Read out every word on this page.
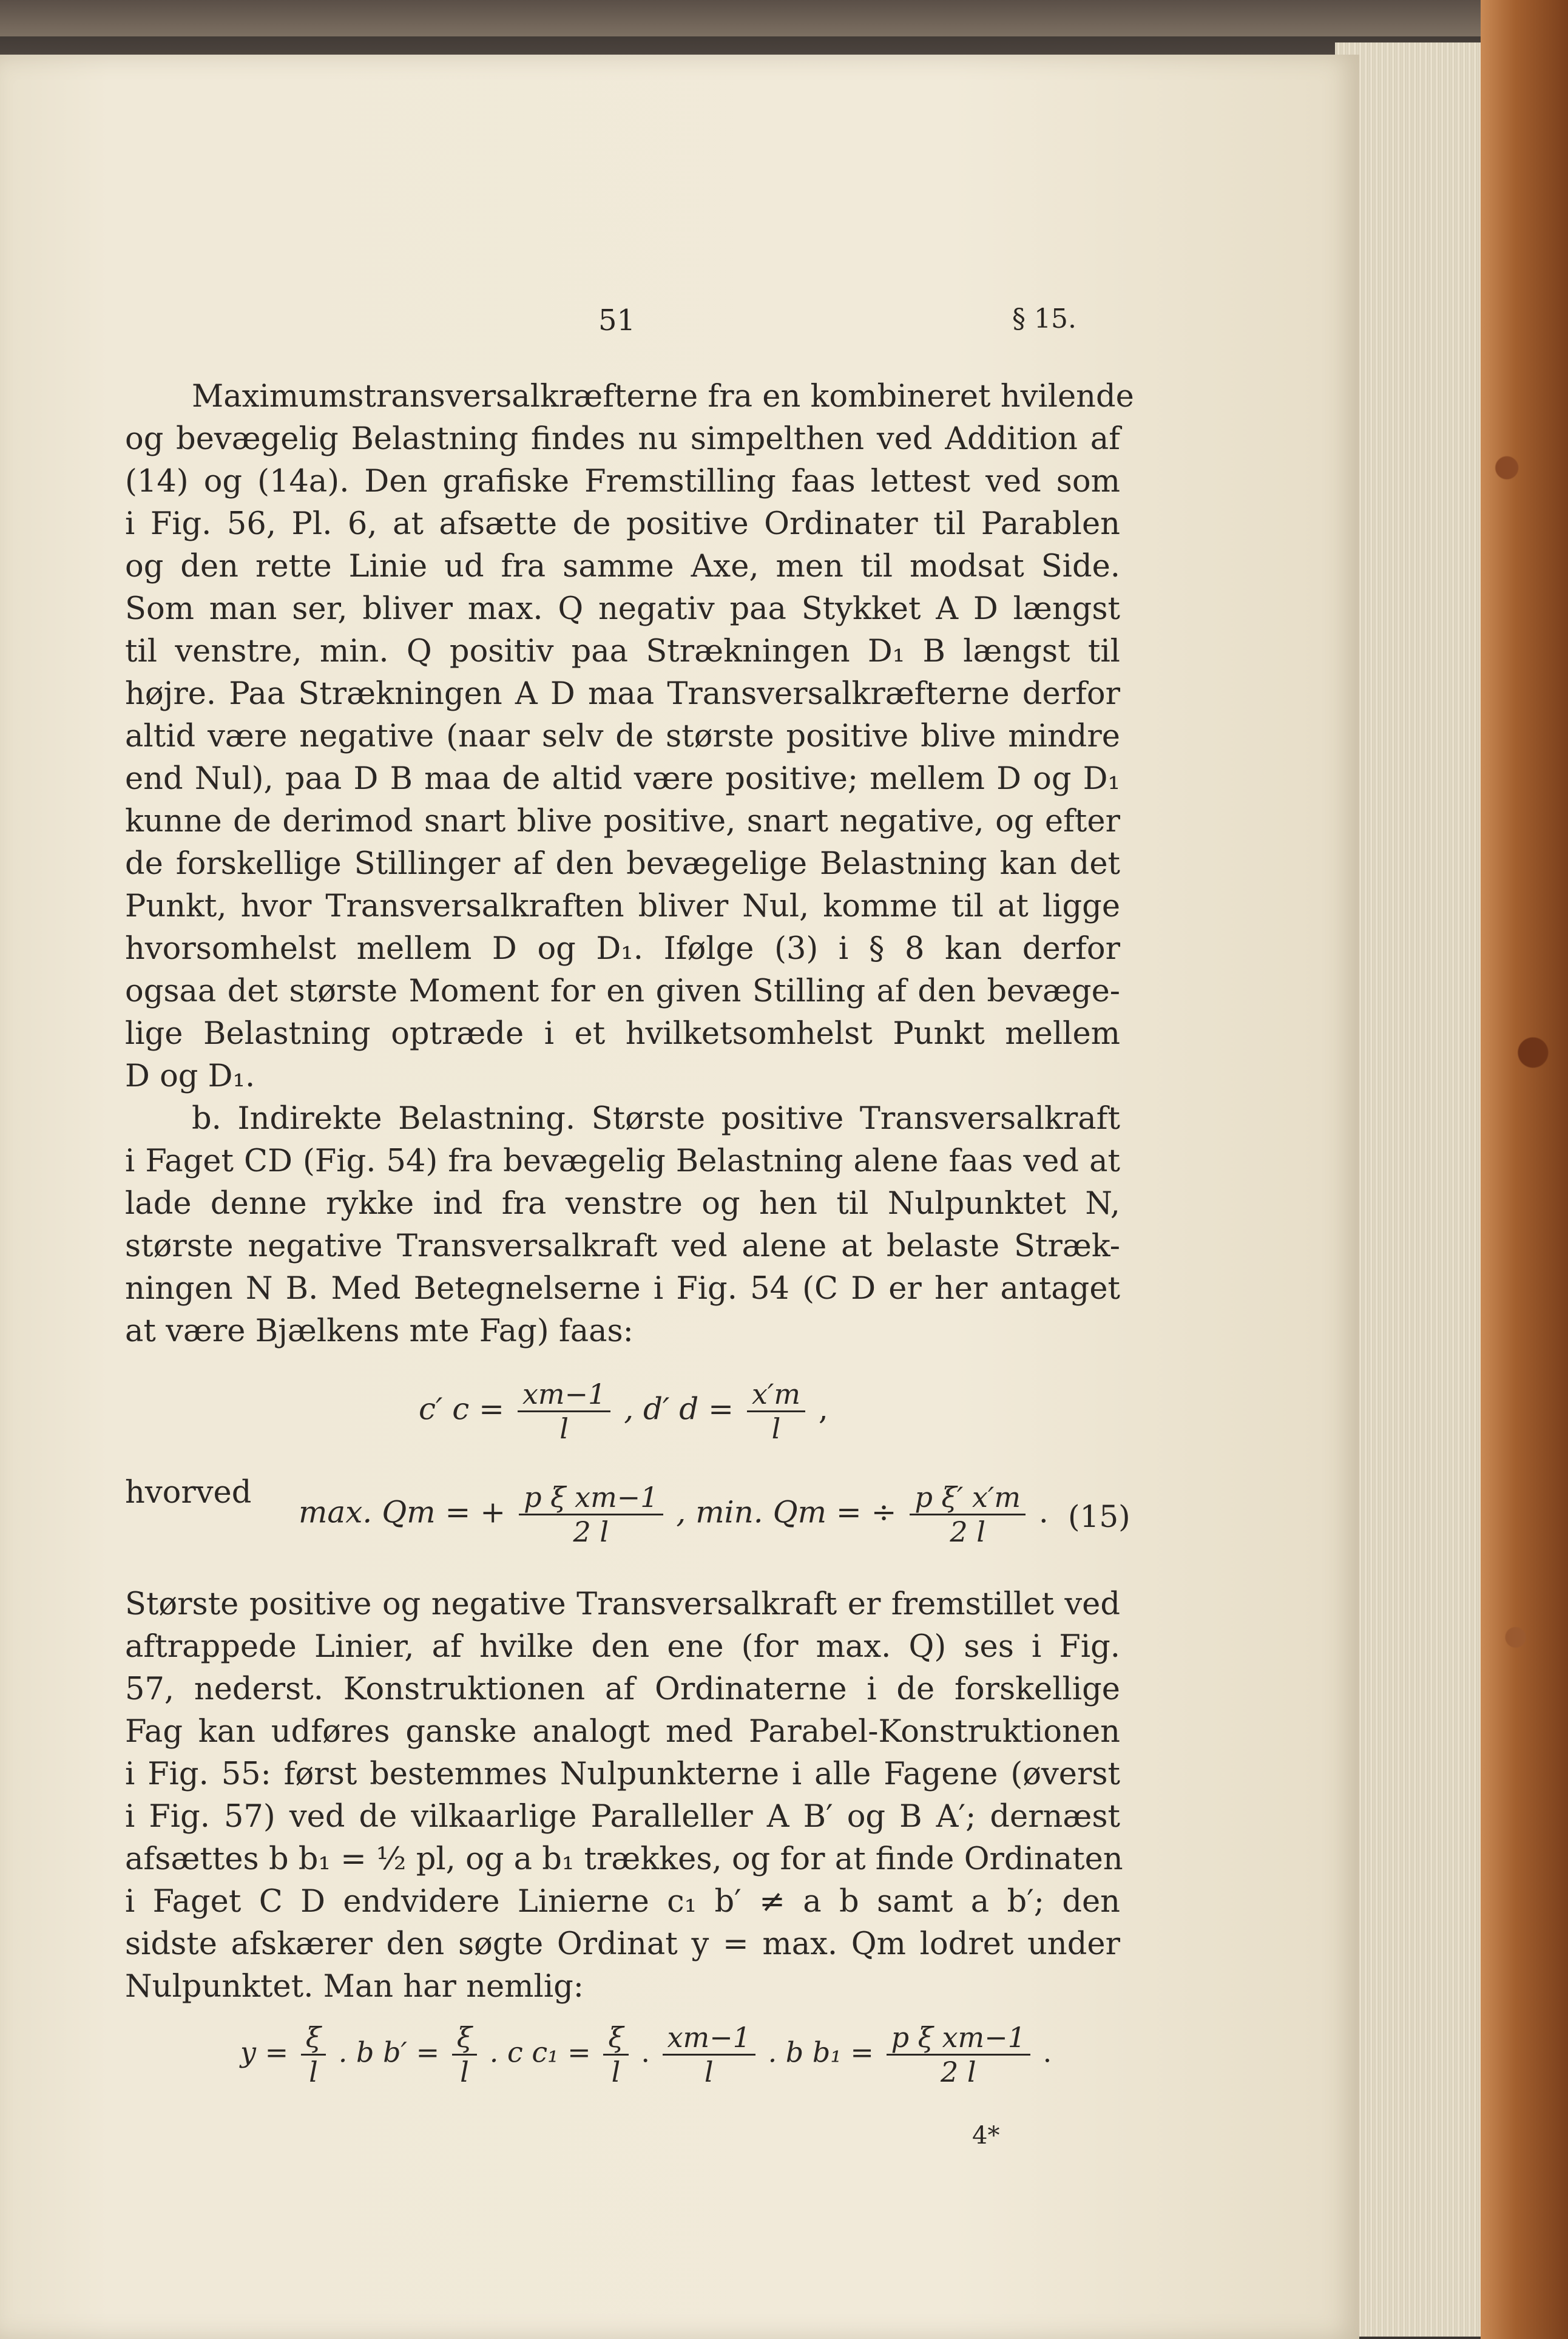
51	§ 15.
Maximumstransversalkræfterne fra en kombineret hvilende
og bevægelig Belastning findes nu simpelthen ved Addition af
(14) og (14a). Den grafiske Fremstilling faas lettest ved som
i Fig. 56, Pl. 6, at afsætte de positive Ordinater til Parablen
og den rette Linie ud fra samme Axe, men til modsat Side.
Som man ser, bliver max. Q negativ paa Stykket A D længst
til venstre, min. Q positiv paa Strækningen D₁ B længst til
højre. Paa Strækningen A D maa Transversalkræfterne derfor
altid være negative (naar selv de største positive blive mindre
end Nul), paa D B maa de altid være positive; mellem D og D₁
kunne de derimod snart blive positive, snart negative, og efter
de forskellige Stillinger af den bevægelige Belastning kan det
Punkt, hvor Transversalkraften bliver Nul, komme til at ligge
hvorsomhelst mellem D og D₁. Ifølge (3) i § 8 kan derfor
ogsaa det største Moment for en given Stilling af den bevæge-
lige Belastning optræde i et hvilketsomhelst Punkt mellem
D og D₁.
b. Indirekte Belastning. Største positive Transversalkraft
i Faget CD (Fig. 54) fra bevægelig Belastning alene faas ved at
lade denne rykke ind fra venstre og hen til Nulpunktet N,
største negative Transversalkraft ved alene at belaste Stræk-
ningen N B. Med Betegnelserne i Fig. 54 (C D er her antaget
at være Bjælkens mte Fag) faas:
Største positive og negative Transversalkraft er fremstillet ved
aftrappede Linier, af hvilke den ene (for max. Q) ses i Fig.
57, nederst. Konstruktionen af Ordinaterne i de forskellige
Fag kan udføres ganske analogt med Parabel-Konstruktionen
i Fig. 55: først bestemmes Nulpunkterne i alle Fagene (øverst
i Fig. 57) ved de vilkaarlige Paralleller A B′ og B A′; dernæst
afsættes b b₁ = ½ pl, og a b₁ trækkes, og for at finde Ordinaten
i Faget C D endvidere Linierne c₁ b′ ≠ a b samt a b′; den
sidste afskærer den søgte Ordinat y = max. Qm lodret under
Nulpunktet. Man har nemlig:
c′ $c = \frac{xm-1}{l}$ , d′ $d = \frac{x'm}{l}$ ,
hvorved
max. Qm = + $\frac{\text{p ξ xm−1}}{2 l}$ , min. Qm = ÷ $\frac{\text{p ξ′ x′m}}{2 l}$ . (15)
$y = \frac{\xi}{l}$ . b $b' = \frac{\xi}{l}$ . c $c_1 = \frac{\xi}{l}$ . $\frac{xm-1}{l}$ . b $b_1 = \frac{\text{p ξ xm−1}}{2 l}$ .
4*
